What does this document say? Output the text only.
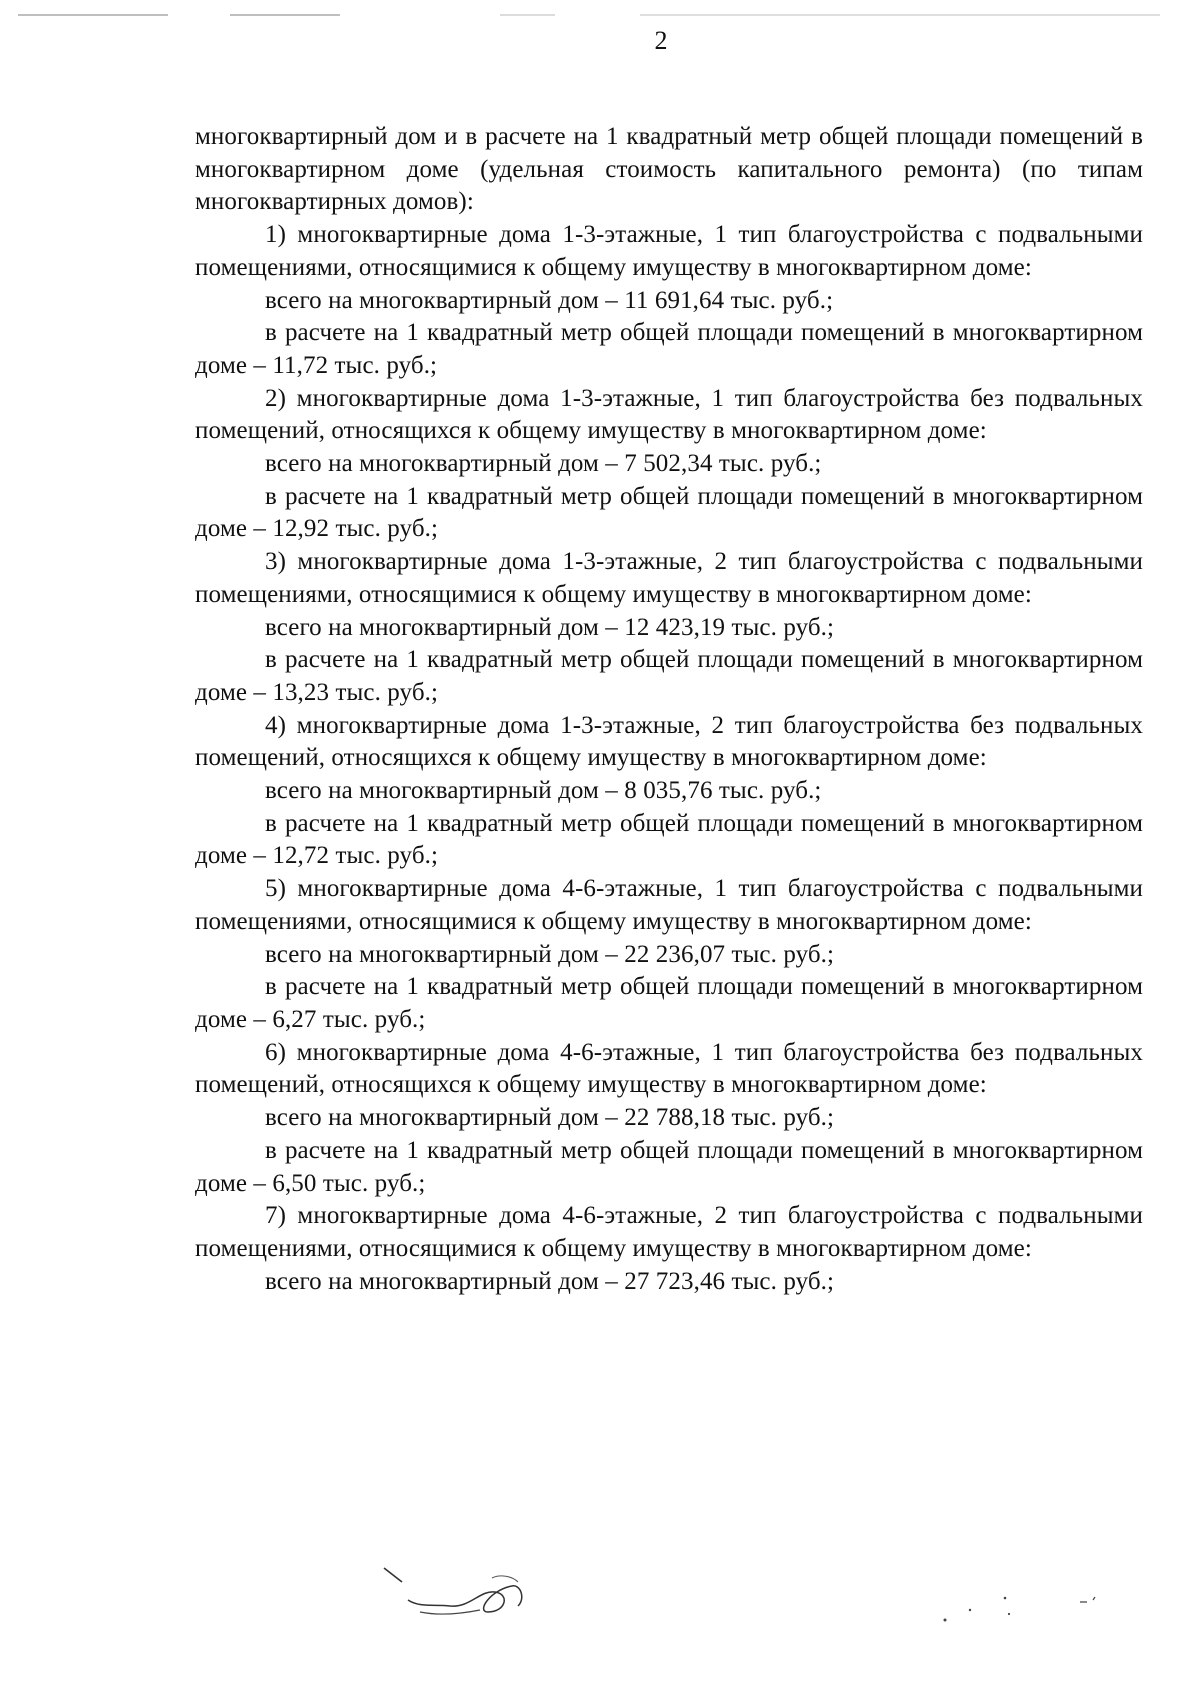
2

многоквартирный дом и в расчете на 1 квадратный метр общей площади помещений в многоквартирном доме (удельная стоимость капитального ремонта) (по типам многоквартирных домов):

1) многоквартирные дома 1-3-этажные, 1 тип благоустройства с подвальными помещениями, относящимися к общему имуществу в многоквартирном доме:

всего на многоквартирный дом – 11 691,64 тыс. руб.;

в расчете на 1 квадратный метр общей площади помещений в многоквартирном доме – 11,72 тыс. руб.;

2) многоквартирные дома 1-3-этажные, 1 тип благоустройства без подвальных помещений, относящихся к общему имуществу в многоквартирном доме:

всего на многоквартирный дом – 7 502,34 тыс. руб.;

в расчете на 1 квадратный метр общей площади помещений в многоквартирном доме – 12,92 тыс. руб.;

3) многоквартирные дома 1-3-этажные, 2 тип благоустройства с подвальными помещениями, относящимися к общему имуществу в многоквартирном доме:

всего на многоквартирный дом – 12 423,19 тыс. руб.;

в расчете на 1 квадратный метр общей площади помещений в многоквартирном доме – 13,23 тыс. руб.;

4) многоквартирные дома 1-3-этажные, 2 тип благоустройства без подвальных помещений, относящихся к общему имуществу в многоквартирном доме:

всего на многоквартирный дом – 8 035,76 тыс. руб.;

в расчете на 1 квадратный метр общей площади помещений в многоквартирном доме – 12,72 тыс. руб.;

5) многоквартирные дома 4-6-этажные, 1 тип благоустройства с подвальными помещениями, относящимися к общему имуществу в многоквартирном доме:

всего на многоквартирный дом – 22 236,07 тыс. руб.;

в расчете на 1 квадратный метр общей площади помещений в многоквартирном доме – 6,27 тыс. руб.;

6) многоквартирные дома 4-6-этажные, 1 тип благоустройства без подвальных помещений, относящихся к общему имуществу в многоквартирном доме:

всего на многоквартирный дом – 22 788,18 тыс. руб.;

в расчете на 1 квадратный метр общей площади помещений в многоквартирном доме – 6,50 тыс. руб.;

7) многоквартирные дома 4-6-этажные, 2 тип благоустройства с подвальными помещениями, относящимися к общему имуществу в многоквартирном доме:

всего на многоквартирный дом – 27 723,46 тыс. руб.;
